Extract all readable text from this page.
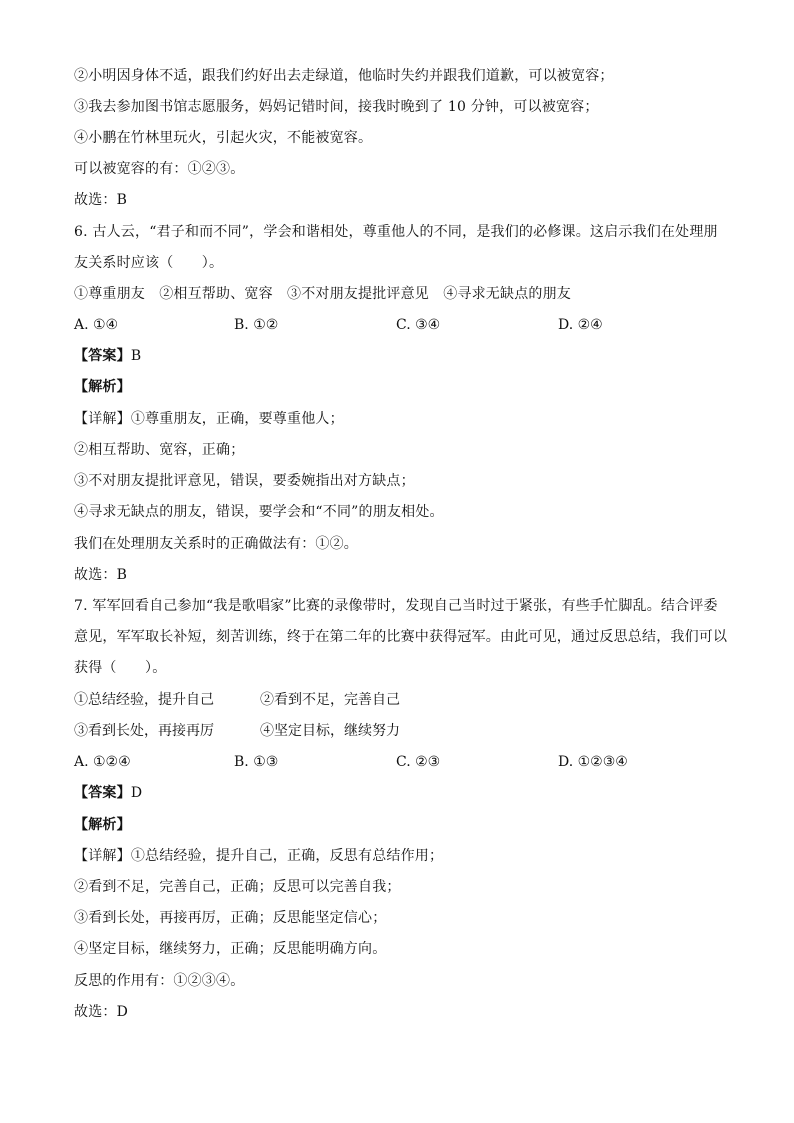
②小明因身体不适，跟我们约好出去走绿道，他临时失约并跟我们道歉，可以被宽容；
③我去参加图书馆志愿服务，妈妈记错时间，接我时晚到了 10 分钟，可以被宽容；
④小鹏在竹林里玩火，引起火灾，不能被宽容。
可以被宽容的有：①②③。
故选：B
6. 古人云，“君子和而不同”，学会和谐相处，尊重他人的不同，是我们的必修课。这启示我们在处理朋
友关系时应该（　　）。
①尊重朋友　②相互帮助、宽容　③不对朋友提批评意见　④寻求无缺点的朋友
A. ①④	B. ①②	C. ③④	D. ②④
【答案】B
【解析】
【详解】①尊重朋友，正确，要尊重他人；
②相互帮助、宽容，正确；
③不对朋友提批评意见，错误，要委婉指出对方缺点；
④寻求无缺点的朋友，错误，要学会和“不同”的朋友相处。
我们在处理朋友关系时的正确做法有：①②。
故选：B
7. 军军回看自己参加“我是歌唱家”比赛的录像带时，发现自己当时过于紧张，有些手忙脚乱。结合评委
意见，军军取长补短，刻苦训练，终于在第二年的比赛中获得冠军。由此可见，通过反思总结，我们可以
获得（　　）。
①总结经验，提升自己	②看到不足，完善自己
③看到长处，再接再厉	④坚定目标，继续努力
A. ①②④	B. ①③	C. ②③	D. ①②③④
【答案】D
【解析】
【详解】①总结经验，提升自己，正确，反思有总结作用；
②看到不足，完善自己，正确；反思可以完善自我；
③看到长处，再接再厉，正确；反思能坚定信心；
④坚定目标，继续努力，正确；反思能明确方向。
反思的作用有：①②③④。
故选：D
